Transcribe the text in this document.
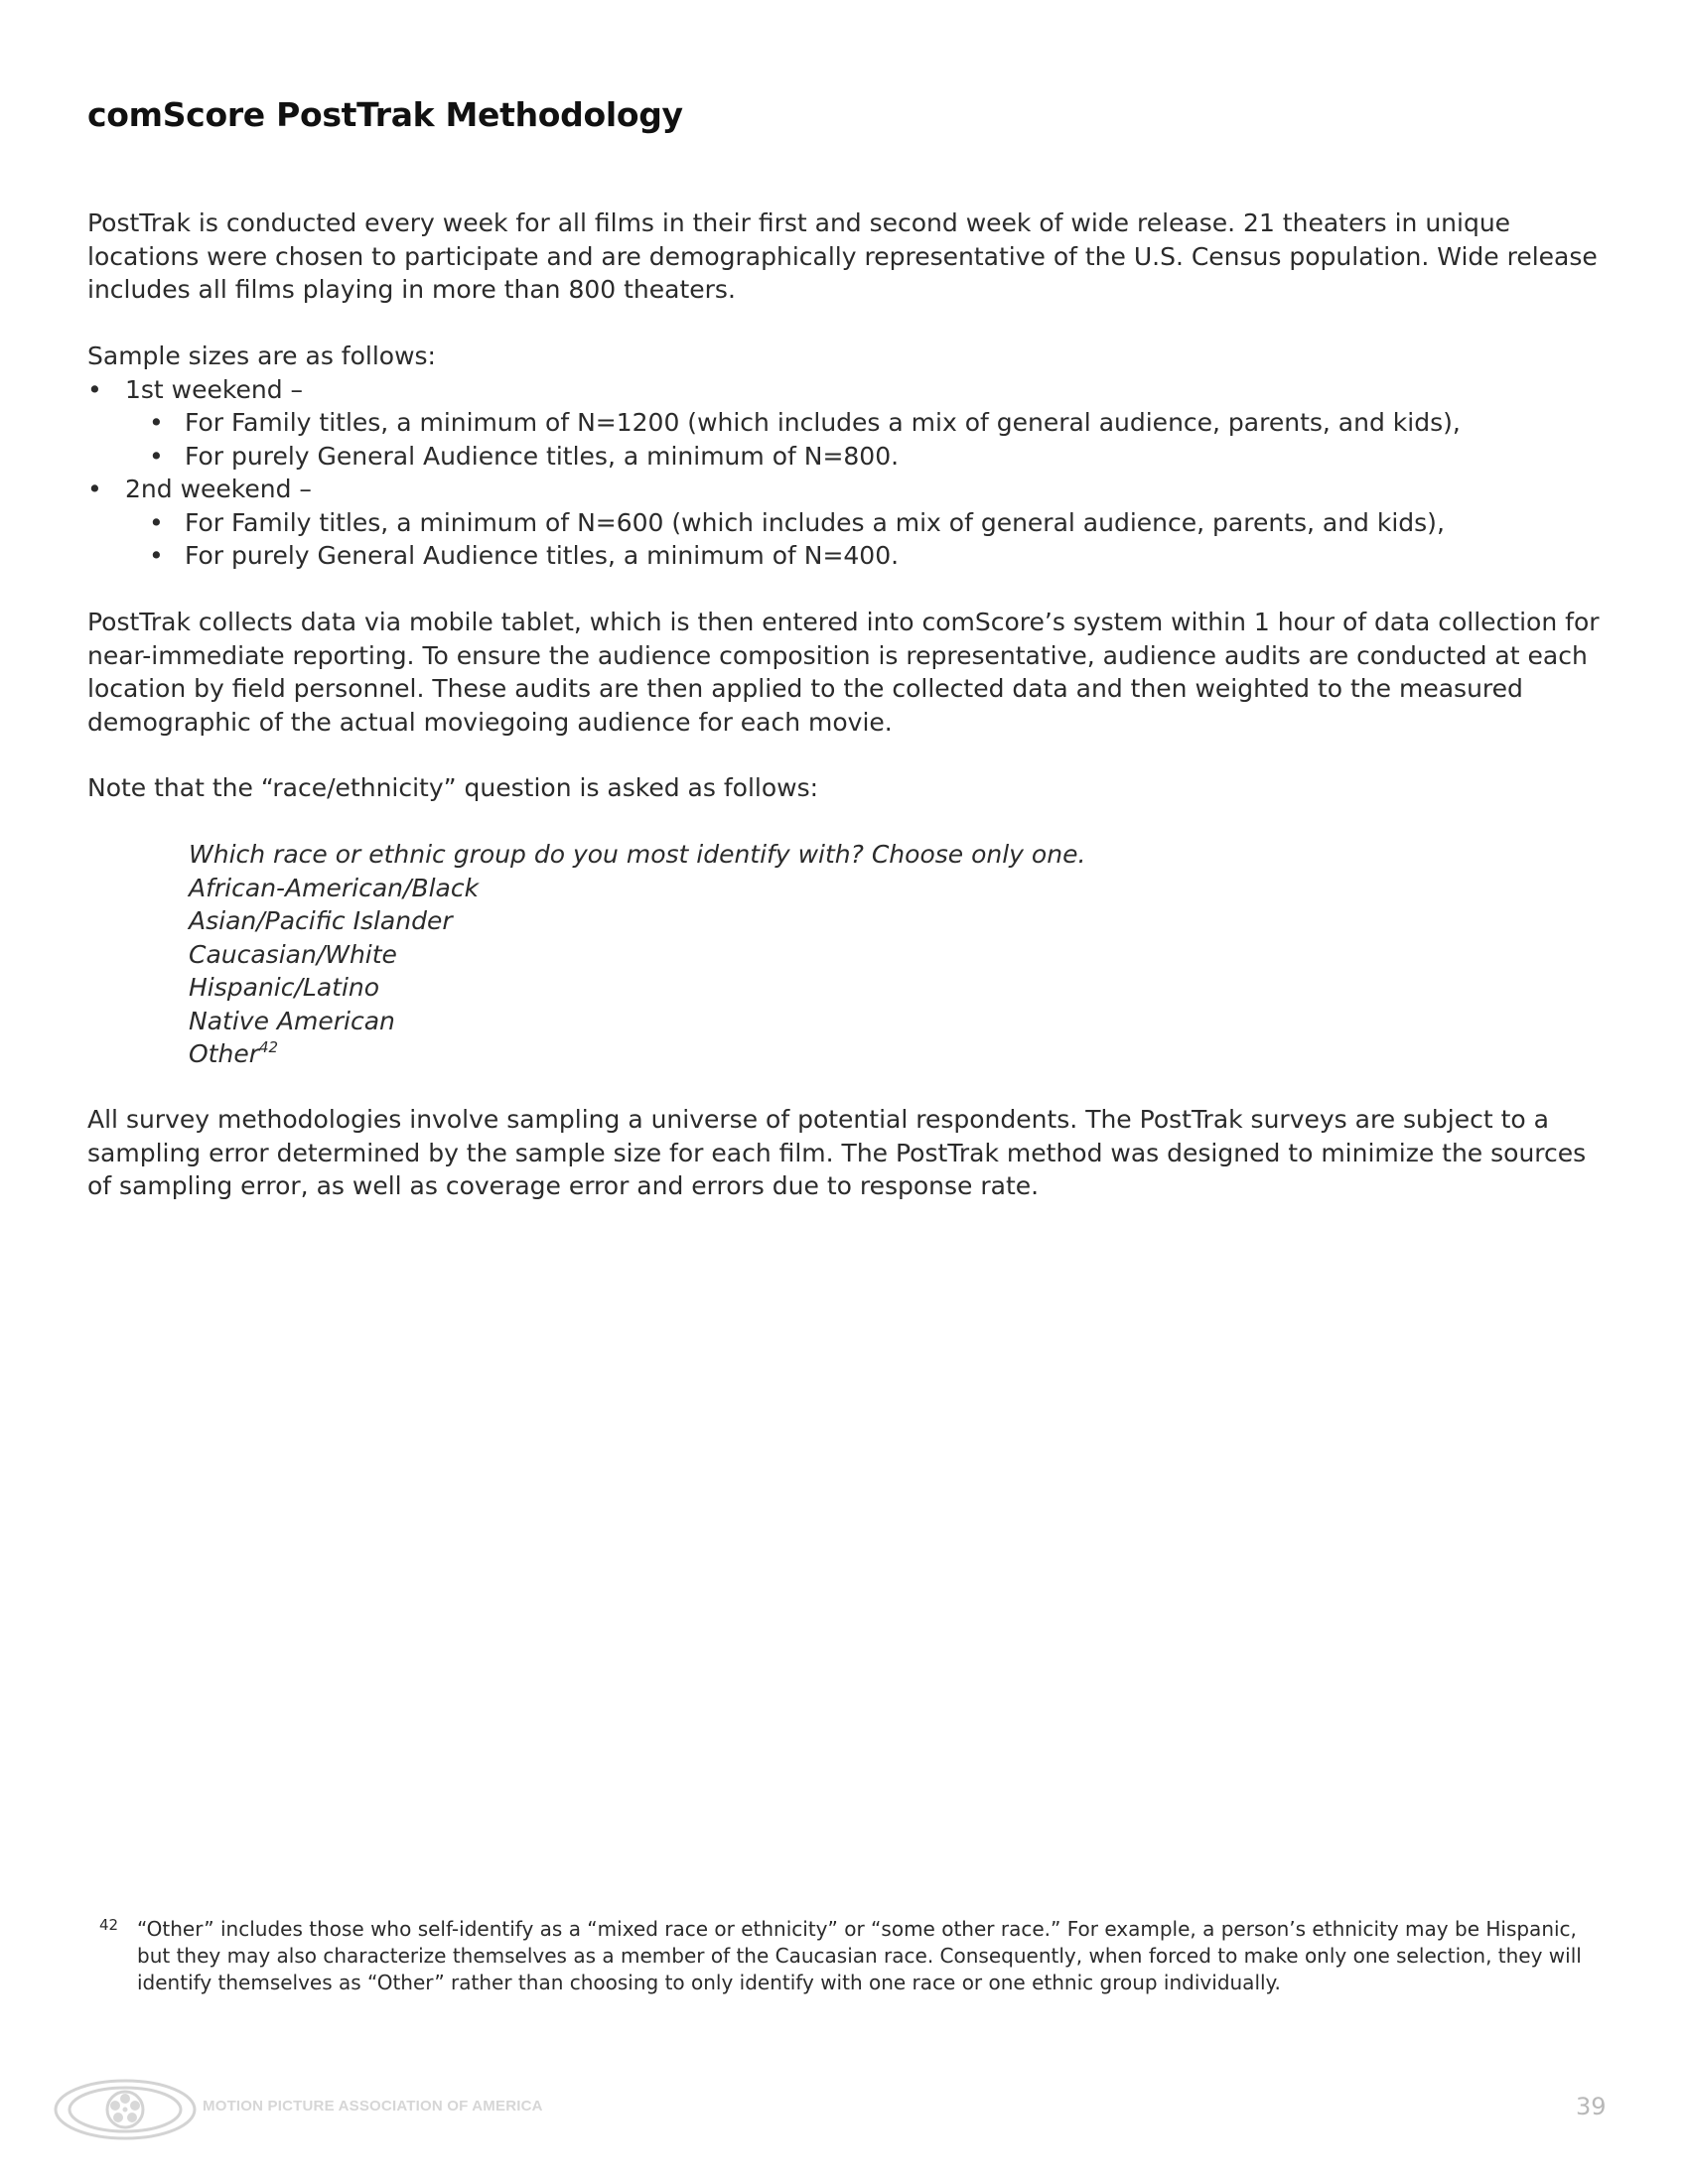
comScore PostTrak Methodology

PostTrak is conducted every week for all films in their first and second week of wide release. 21 theaters in unique locations were chosen to participate and are demographically representative of the U.S. Census population. Wide release includes all films playing in more than 800 theaters.

Sample sizes are as follows:

• 1st weekend –
• For Family titles, a minimum of N=1200 (which includes a mix of general audience, parents, and kids),
• For purely General Audience titles, a minimum of N=800.
• 2nd weekend –
• For Family titles, a minimum of N=600 (which includes a mix of general audience, parents, and kids),
• For purely General Audience titles, a minimum of N=400.

PostTrak collects data via mobile tablet, which is then entered into comScore’s system within 1 hour of data collection for near-immediate reporting. To ensure the audience composition is representative, audience audits are conducted at each location by field personnel. These audits are then applied to the collected data and then weighted to the measured demographic of the actual moviegoing audience for each movie.

Note that the “race/ethnicity” question is asked as follows:

Which race or ethnic group do you most identify with? Choose only one.
African-American/Black
Asian/Pacific Islander
Caucasian/White
Hispanic/Latino
Native American
Other$^{42}$

All survey methodologies involve sampling a universe of potential respondents. The PostTrak surveys are subject to a sampling error determined by the sample size for each film. The PostTrak method was designed to minimize the sources of sampling error, as well as coverage error and errors due to response rate.

42 “Other” includes those who self-identify as a “mixed race or ethnicity” or “some other race.” For example, a person’s ethnicity may be Hispanic, but they may also characterize themselves as a member of the Caucasian race. Consequently, when forced to make only one selection, they will identify themselves as “Other” rather than choosing to only identify with one race or one ethnic group individually.
MOTION PICTURE ASSOCIATION OF AMERICA	39
